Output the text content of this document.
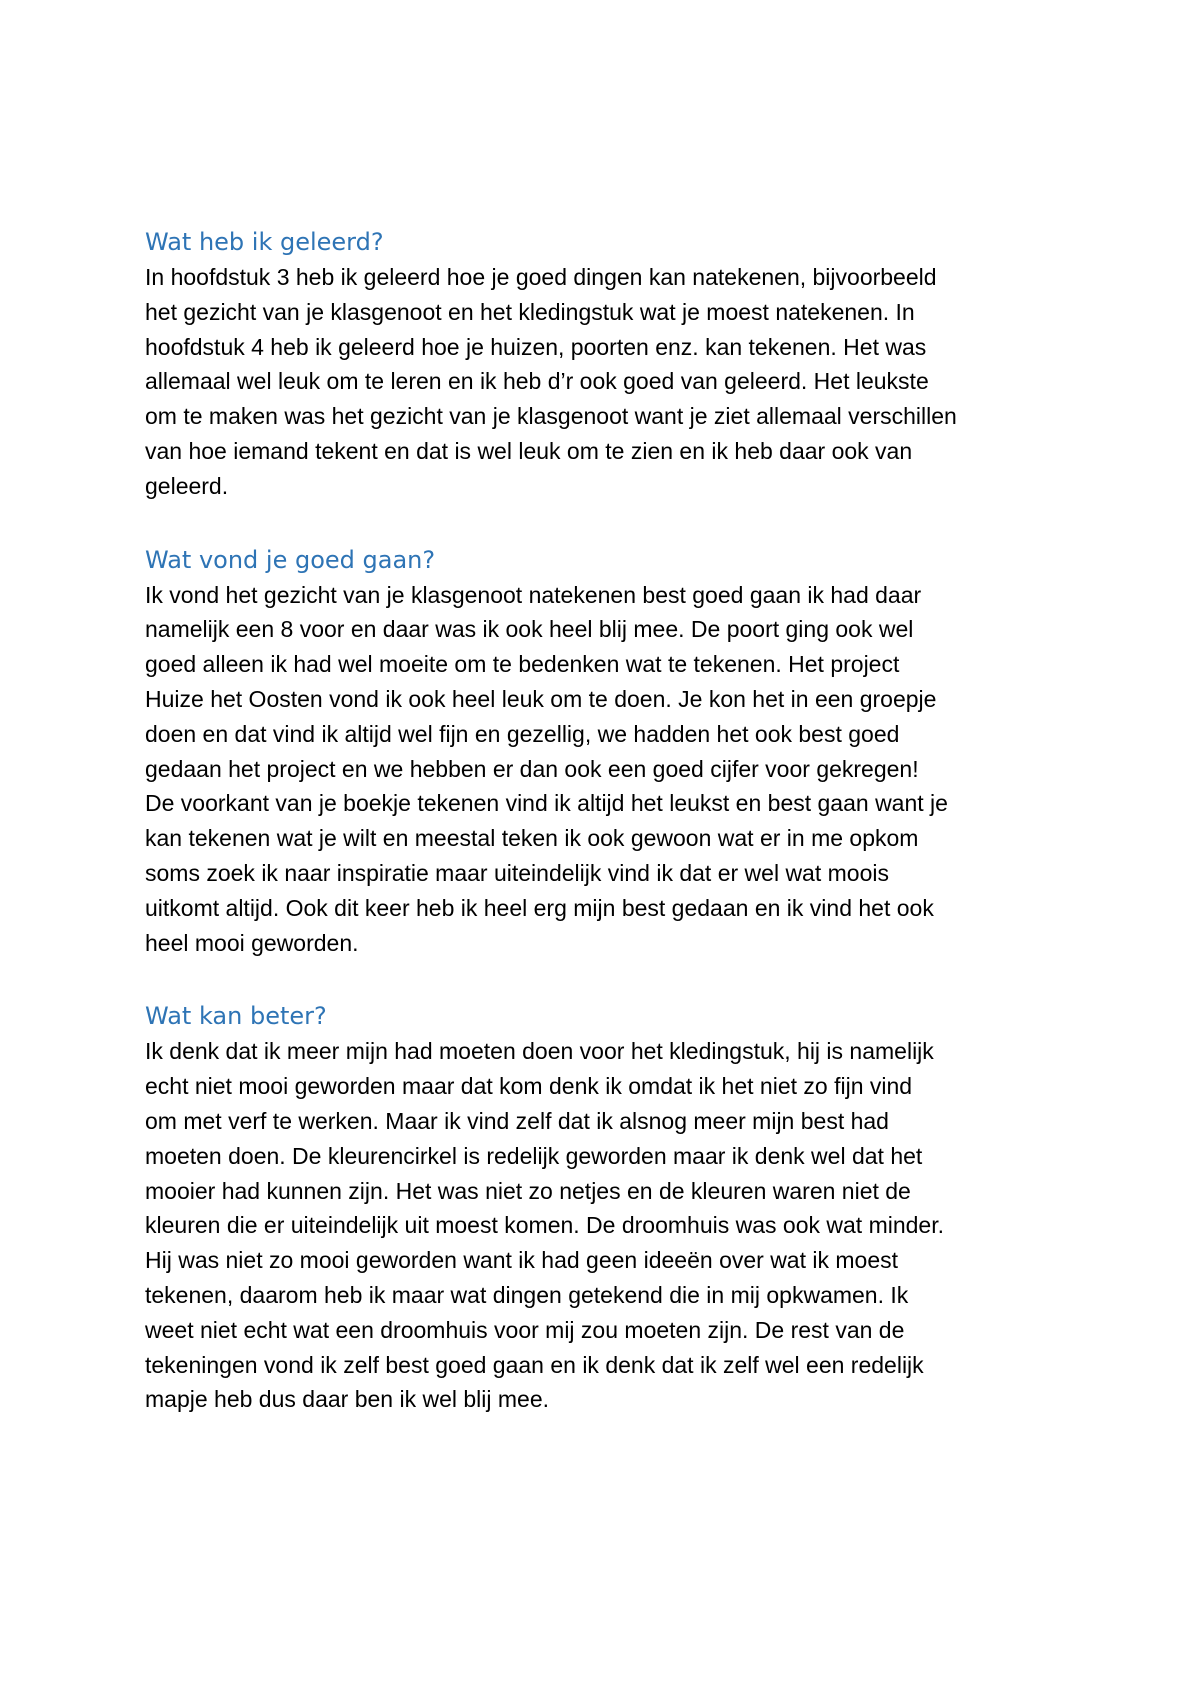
Wat heb ik geleerd?

In hoofdstuk 3 heb ik geleerd hoe je goed dingen kan natekenen, bijvoorbeeld
het gezicht van je klasgenoot en het kledingstuk wat je moest natekenen. In
hoofdstuk 4 heb ik geleerd hoe je huizen, poorten enz. kan tekenen. Het was
allemaal wel leuk om te leren en ik heb d’r ook goed van geleerd. Het leukste
om te maken was het gezicht van je klasgenoot want je ziet allemaal verschillen
van hoe iemand tekent en dat is wel leuk om te zien en ik heb daar ook van
geleerd.

Wat vond je goed gaan?

Ik vond het gezicht van je klasgenoot natekenen best goed gaan ik had daar
namelijk een 8 voor en daar was ik ook heel blij mee. De poort ging ook wel
goed alleen ik had wel moeite om te bedenken wat te tekenen. Het project
Huize het Oosten vond ik ook heel leuk om te doen. Je kon het in een groepje
doen en dat vind ik altijd wel fijn en gezellig, we hadden het ook best goed
gedaan het project en we hebben er dan ook een goed cijfer voor gekregen!
De voorkant van je boekje tekenen vind ik altijd het leukst en best gaan want je
kan tekenen wat je wilt en meestal teken ik ook gewoon wat er in me opkom
soms zoek ik naar inspiratie maar uiteindelijk vind ik dat er wel wat moois
uitkomt altijd. Ook dit keer heb ik heel erg mijn best gedaan en ik vind het ook
heel mooi geworden.

Wat kan beter?

Ik denk dat ik meer mijn had moeten doen voor het kledingstuk, hij is namelijk
echt niet mooi geworden maar dat kom denk ik omdat ik het niet zo fijn vind
om met verf te werken. Maar ik vind zelf dat ik alsnog meer mijn best had
moeten doen. De kleurencirkel is redelijk geworden maar ik denk wel dat het
mooier had kunnen zijn. Het was niet zo netjes en de kleuren waren niet de
kleuren die er uiteindelijk uit moest komen. De droomhuis was ook wat minder.
Hij was niet zo mooi geworden want ik had geen ideeën over wat ik moest
tekenen, daarom heb ik maar wat dingen getekend die in mij opkwamen. Ik
weet niet echt wat een droomhuis voor mij zou moeten zijn. De rest van de
tekeningen vond ik zelf best goed gaan en ik denk dat ik zelf wel een redelijk
mapje heb dus daar ben ik wel blij mee.
